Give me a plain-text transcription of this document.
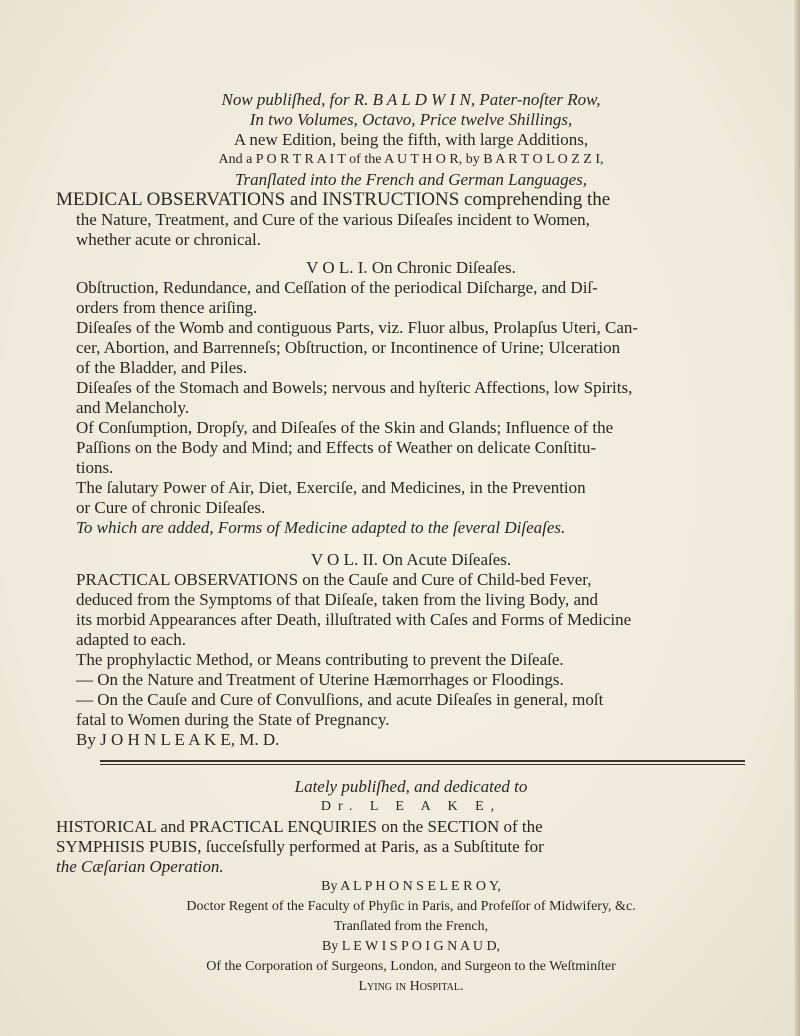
Now publiſhed, for R. B A L D W I N, Pater-noſter Row,
In two Volumes, Octavo, Price twelve Shillings,
A new Edition, being the fifth, with large Additions,
And a P O R T R A I T of the A U T H O R, by B A R T O L O Z Z I,
Tranſlated into the French and German Languages,
MEDICAL OBSERVATIONS and INSTRUCTIONS comprehending the
the Nature, Treatment, and Cure of the various Diſeaſes incident to Women,
whether acute or chronical.
V O L. I. On Chronic Diſeaſes.
Obſtruction, Redundance, and Ceſſation of the periodical Diſcharge, and Diſ-
orders from thence ariſing.
Diſeaſes of the Womb and contiguous Parts, viz. Fluor albus, Prolapſus Uteri, Can-
cer, Abortion, and Barrenneſs; Obſtruction, or Incontinence of Urine; Ulceration
of the Bladder, and Piles.
Diſeaſes of the Stomach and Bowels; nervous and hyſteric Affections, low Spirits,
and Melancholy.
Of Conſumption, Dropſy, and Diſeaſes of the Skin and Glands; Influence of the
Paſſions on the Body and Mind; and Effects of Weather on delicate Conſtitu-
tions.
The ſalutary Power of Air, Diet, Exerciſe, and Medicines, in the Prevention
or Cure of chronic Diſeaſes.
To which are added, Forms of Medicine adapted to the ſeveral Diſeaſes.
V O L. II. On Acute Diſeaſes.
PRACTICAL OBSERVATIONS on the Cauſe and Cure of Child-bed Fever,
deduced from the Symptoms of that Diſeaſe, taken from the living Body, and
its morbid Appearances after Death, illuſtrated with Caſes and Forms of Medicine
adapted to each.
The prophylactic Method, or Means contributing to prevent the Diſeaſe.
— On the Nature and Treatment of Uterine Hæmorrhages or Floodings.
— On the Cauſe and Cure of Convulſions, and acute Diſeaſes in general, moſt
fatal to Women during the State of Pregnancy.
By J O H N L E A K E, M. D.
Lately publiſhed, and dedicated to
Dr. L E A K E,
HISTORICAL and PRACTICAL ENQUIRIES on the SECTION of the
SYMPHISIS PUBIS, ſucceſsfully performed at Paris, as a Subſtitute for
the Cæſarian Operation.
By A L P H O N S E L E R O Y,
Doctor Regent of the Faculty of Phyſic in Paris, and Profeſſor of Midwifery, &c.
Tranſlated from the French,
By L E W I S P O I G N A U D,
Of the Corporation of Surgeons, London, and Surgeon to the Weſtminſter
Lying in Hospital.
